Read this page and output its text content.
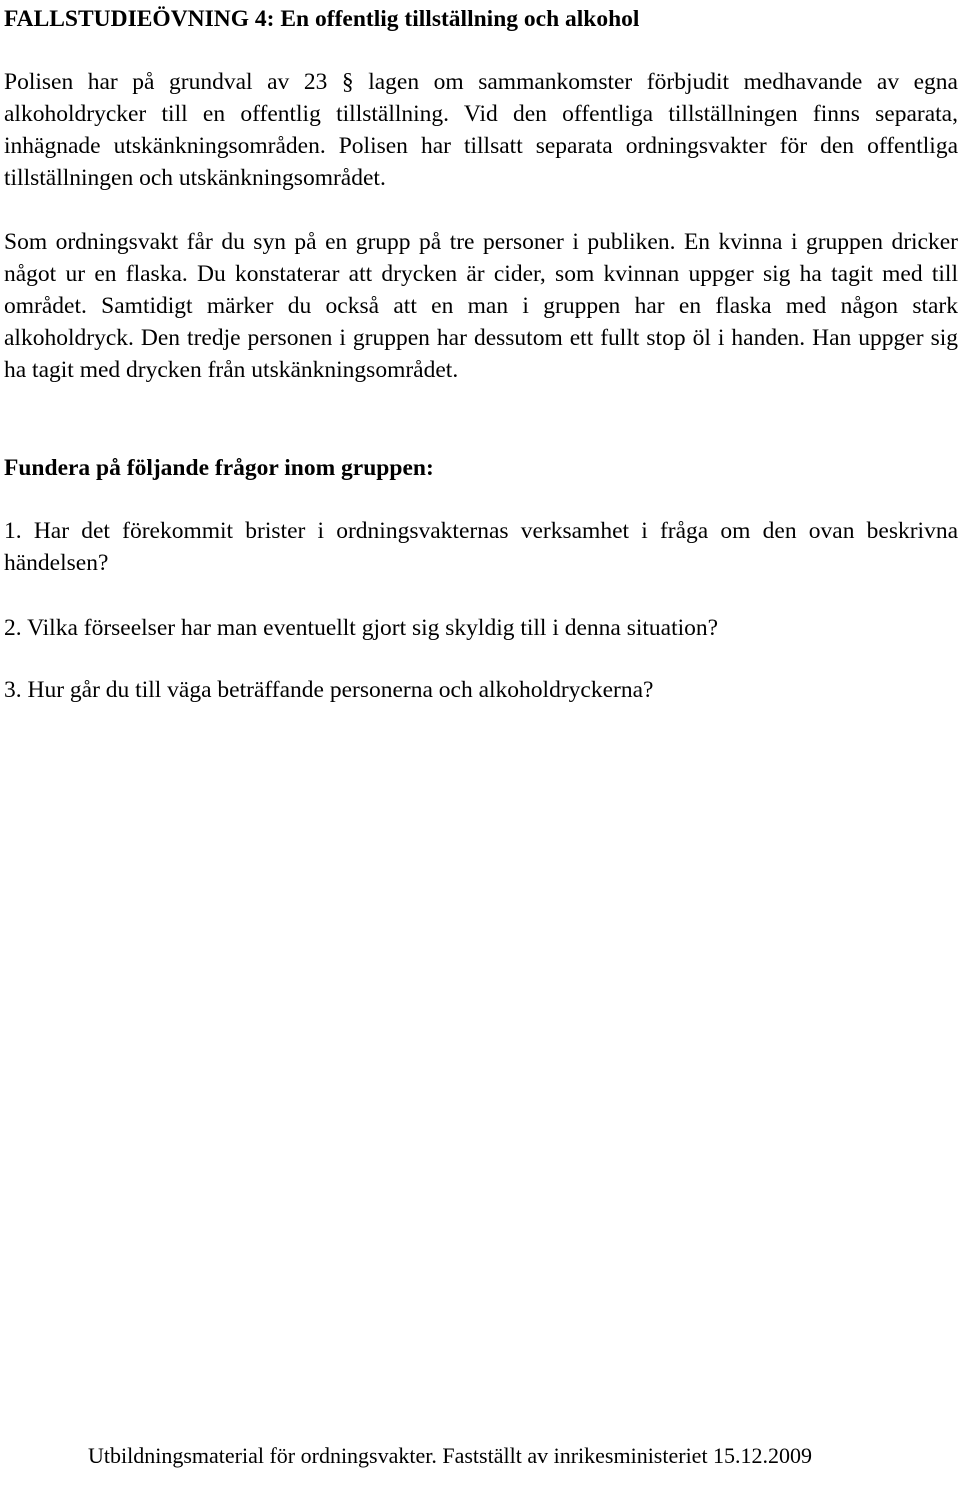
FALLSTUDIEÖVNING 4: En offentlig tillställning och alkohol

Polisen har på grundval av 23 § lagen om sammankomster förbjudit medhavande av egna alkoholdrycker till en offentlig tillställning. Vid den offentliga tillställningen finns separata, inhägnade utskänkningsområden. Polisen har tillsatt separata ordningsvakter för den offentliga tillställningen och utskänkningsområdet.

Som ordningsvakt får du syn på en grupp på tre personer i publiken. En kvinna i gruppen dricker något ur en flaska. Du konstaterar att drycken är cider, som kvinnan uppger sig ha tagit med till området. Samtidigt märker du också att en man i gruppen har en flaska med någon stark alkoholdryck. Den tredje personen i gruppen har dessutom ett fullt stop öl i handen. Han uppger sig ha tagit med drycken från utskänkningsområdet.

Fundera på följande frågor inom gruppen:

1. Har det förekommit brister i ordningsvakternas verksamhet i fråga om den ovan beskrivna händelsen?

2. Vilka förseelser har man eventuellt gjort sig skyldig till i denna situation?

3. Hur går du till väga beträffande personerna och alkoholdryckerna?

Utbildningsmaterial för ordningsvakter. Fastställt av inrikesministeriet 15.12.2009
